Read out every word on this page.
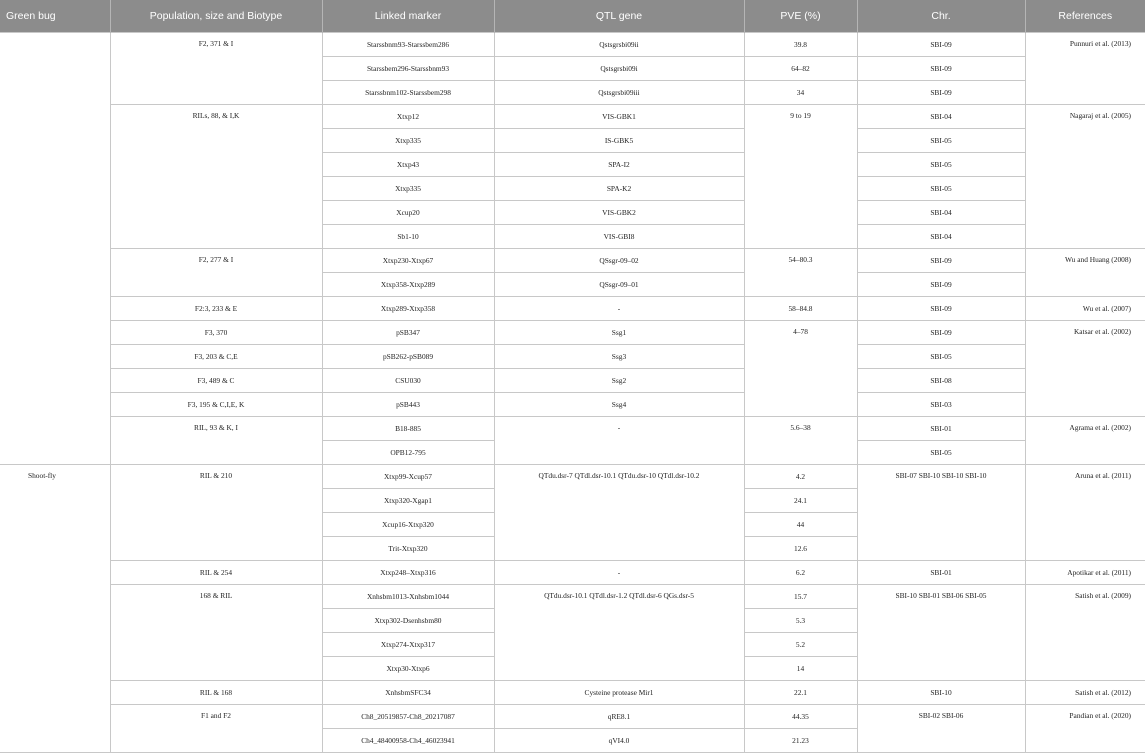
Green bug	Population, size and Biotype	Linked marker	QTL gene	PVE (%)	Chr.	References
	F2, 371 & I	Starssbnm93-Starssbem286	Qstsgrsbi09ii	39.8	SBI-09	Punnuri et al. (2013)
		Starssbem296-Starssbnm93	Qstsgrsbi09i	64–82	SBI-09	
		Starssbnm102-Starssbem298	Qstsgrsbi09iii	34	SBI-09	
	RILs, 88, & I,K	Xtxp12	VIS-GBK1	9 to 19	SBI-04	Nagaraj et al. (2005)
		Xtxp335	IS-GBK5		SBI-05	
		Xtxp43	SPA-I2		SBI-05	
		Xtxp335	SPA-K2		SBI-05	
		Xcup20	VIS-GBK2		SBI-04	
		Sb1-10	VIS-GBI8		SBI-04	
	F2, 277 & I	Xtxp230-Xtxp67	QSsgr-09–02	54–80.3	SBI-09	Wu and Huang (2008)
		Xtxp358-Xtxp289	QSsgr-09–01		SBI-09	
	F2:3, 233 & E	Xtxp289-Xtxp358	-	58–84.8	SBI-09	Wu et al. (2007)
	F3, 370	pSB347	Ssg1	4–78	SBI-09	Katsar et al. (2002)
	F3, 203 & C,E	pSB262-pSB089	Ssg3		SBI-05	
	F3, 489 & C	CSU030	Ssg2		SBI-08	
	F3, 195 & C,I,E, K	pSB443	Ssg4		SBI-03	
	RIL, 93 & K, I	B18-885	-	5.6–38	SBI-01	Agrama et al. (2002)
		OPB12-795			SBI-05	
Shoot-fly	RIL & 210	Xtxp99-Xcup57	QTdu.dsr-7 QTdl.dsr-10.1 QTdu.dsr-10 QTdl.dsr-10.2	4.2	SBI-07 SBI-10 SBI-10 SBI-10	Aruna et al. (2011)
		Xtxp320-Xgap1		24.1		
		Xcup16-Xtxp320		44		
		Trit-Xtxp320		12.6		
	RIL & 254	Xtxp248–Xtxp316	-	6.2	SBI-01	Apotikar et al. (2011)
	168 & RIL	Xnhsbm1013-Xnhsbm1044	QTdu.dsr-10.1 QTdl.dsr-1.2 QTdl.dsr-6 QGs.dsr-5	15.7	SBI-10 SBI-01 SBI-06 SBI-05	Satish et al. (2009)
		Xtxp302-Dsenhsbm80		5.3		
		Xtxp274-Xtxp317		5.2		
		Xtxp30-Xtxp6		14		
	RIL & 168	XnhsbmSFC34	Cysteine protease Mir1	22.1	SBI-10	Satish et al. (2012)
	F1 and F2	Ch8_20519857-Ch8_20217087	qRE8.1	44.35	SBI-02 SBI-06	Pandian et al. (2020)
		Ch4_48400958-Ch4_46023941	qVI4.0	21.23		
